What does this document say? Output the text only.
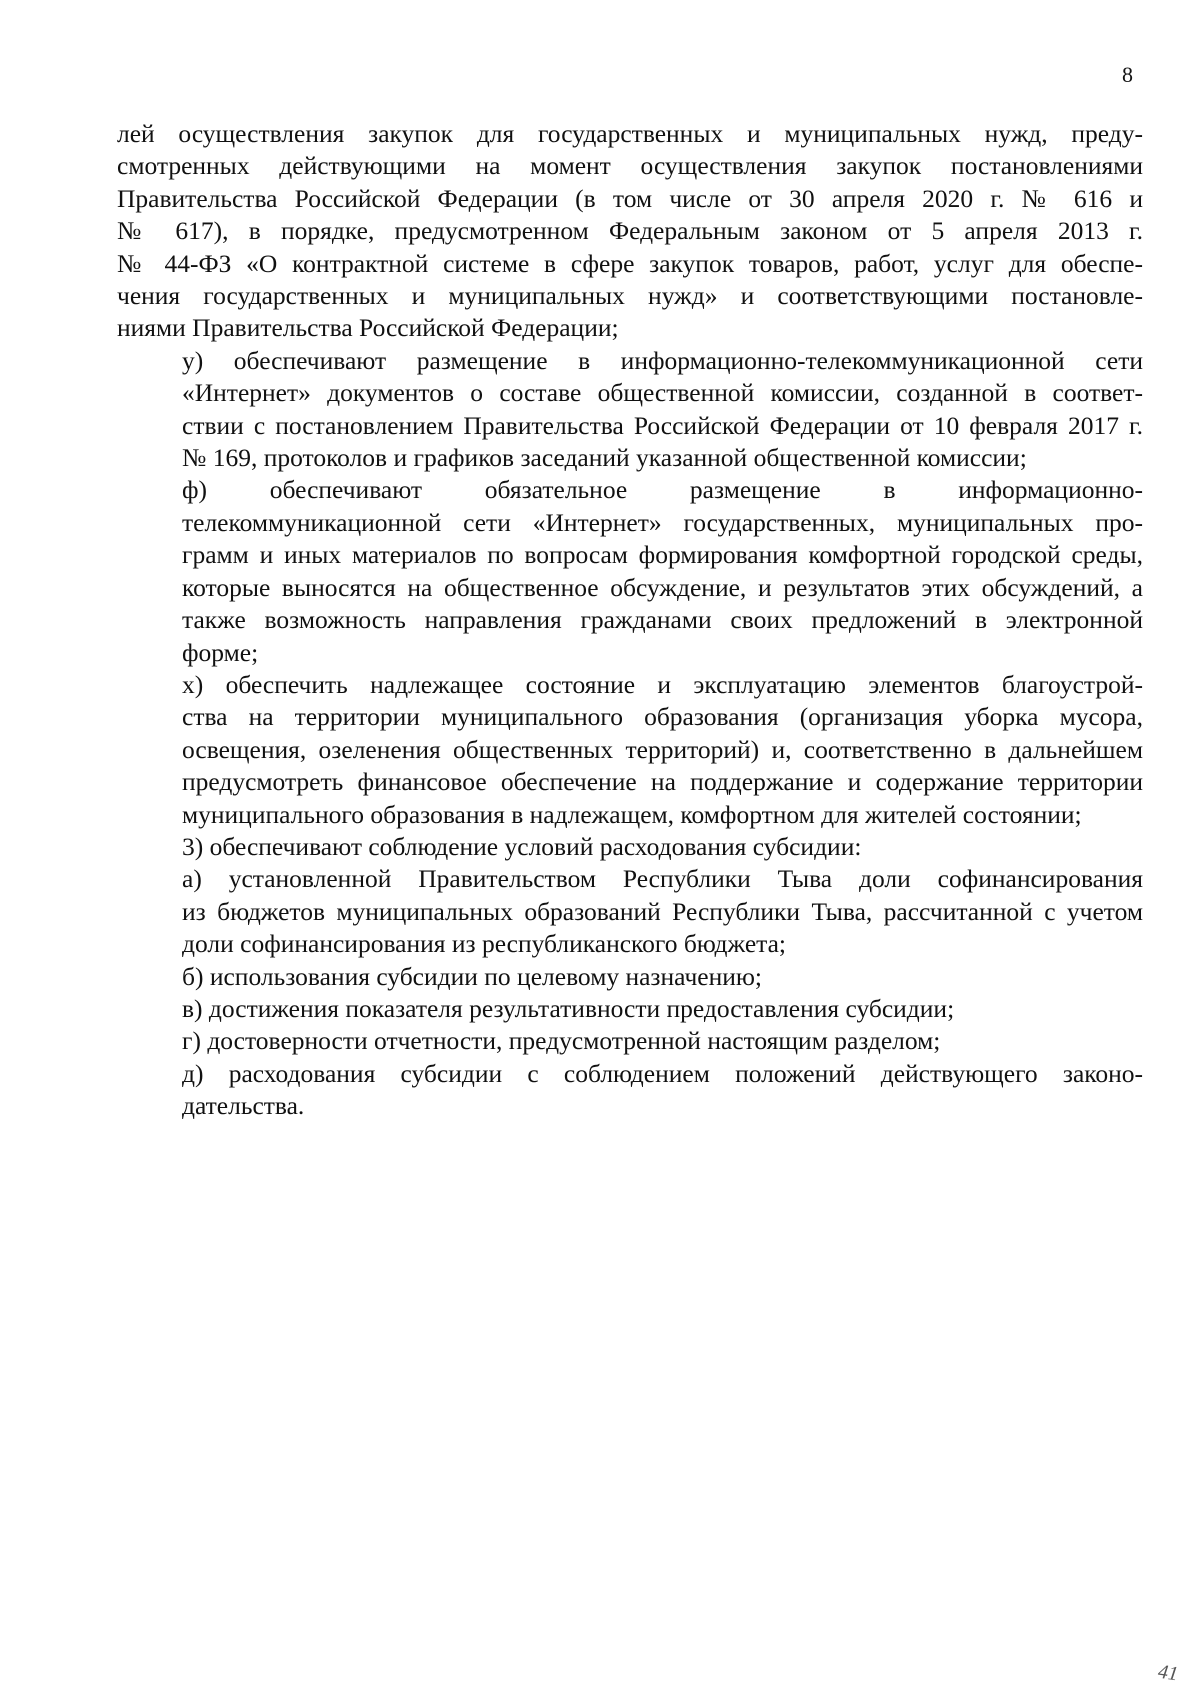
8

лей осуществления закупок для государственных и муниципальных нужд, преду-
смотренных действующими на момент осуществления закупок постановлениями
Правительства Российской Федерации (в том числе от 30 апреля 2020 г. № 616 и
№ 617), в порядке, предусмотренном Федеральным законом от 5 апреля 2013 г.
№ 44-ФЗ «О контрактной системе в сфере закупок товаров, работ, услуг для обеспе-
чения государственных и муниципальных нужд» и соответствующими постановле-
ниями Правительства Российской Федерации;

у) обеспечивают размещение в информационно-телекоммуникационной сети
«Интернет» документов о составе общественной комиссии, созданной в соответ-
ствии с постановлением Правительства Российской Федерации от 10 февраля 2017 г.
№ 169, протоколов и графиков заседаний указанной общественной комиссии;

ф) обеспечивают обязательное размещение в информационно-
телекоммуникационной сети «Интернет» государственных, муниципальных про-
грамм и иных материалов по вопросам формирования комфортной городской среды,
которые выносятся на общественное обсуждение, и результатов этих обсуждений, а
также возможность направления гражданами своих предложений в электронной
форме;

х) обеспечить надлежащее состояние и эксплуатацию элементов благоустрой-
ства на территории муниципального образования (организация уборка мусора,
освещения, озеленения общественных территорий) и, соответственно в дальнейшем
предусмотреть финансовое обеспечение на поддержание и содержание территории
муниципального образования в надлежащем, комфортном для жителей состоянии;

3) обеспечивают соблюдение условий расходования субсидии:

а) установленной Правительством Республики Тыва доли софинансирования
из бюджетов муниципальных образований Республики Тыва, рассчитанной с учетом
доли софинансирования из республиканского бюджета;

б) использования субсидии по целевому назначению;

в) достижения показателя результативности предоставления субсидии;

г) достоверности отчетности, предусмотренной настоящим разделом;

д) расходования субсидии с соблюдением положений действующего законо-
дательства.

41
